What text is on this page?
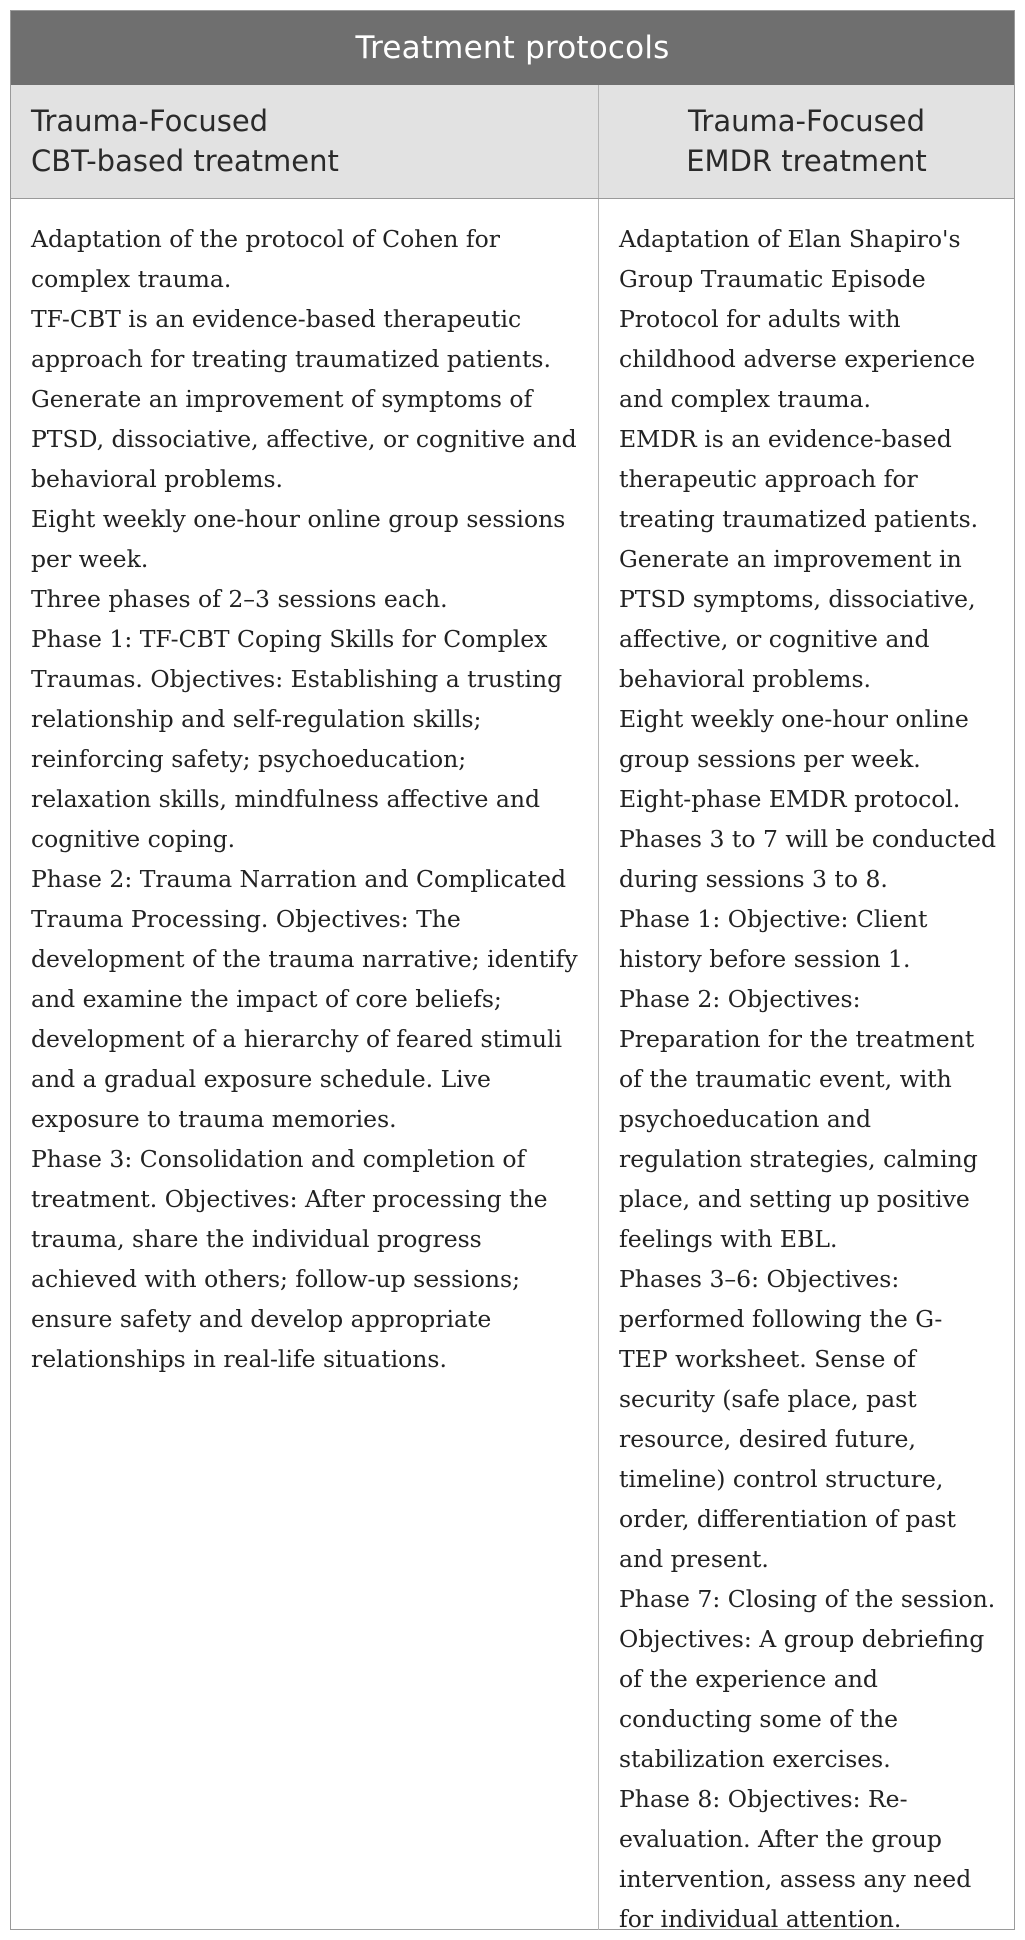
Treatment protocols
Trauma-Focused
CBT-based treatment
Trauma-Focused
EMDR treatment
Adaptation of the protocol of Cohen for
complex trauma.
TF-CBT is an evidence-based therapeutic
approach for treating traumatized patients.
Generate an improvement of symptoms of
PTSD, dissociative, affective, or cognitive and
behavioral problems.
Eight weekly one-hour online group sessions
per week.
Three phases of 2–3 sessions each.
Phase 1: TF-CBT Coping Skills for Complex
Traumas. Objectives: Establishing a trusting
relationship and self-regulation skills;
reinforcing safety; psychoeducation;
relaxation skills, mindfulness affective and
cognitive coping.
Phase 2: Trauma Narration and Complicated
Trauma Processing. Objectives: The
development of the trauma narrative; identify
and examine the impact of core beliefs;
development of a hierarchy of feared stimuli
and a gradual exposure schedule. Live
exposure to trauma memories.
Phase 3: Consolidation and completion of
treatment. Objectives: After processing the
trauma, share the individual progress
achieved with others; follow-up sessions;
ensure safety and develop appropriate
relationships in real-life situations.
Adaptation of Elan Shapiro's
Group Traumatic Episode
Protocol for adults with
childhood adverse experience
and complex trauma.
EMDR is an evidence-based
therapeutic approach for
treating traumatized patients.
Generate an improvement in
PTSD symptoms, dissociative,
affective, or cognitive and
behavioral problems.
Eight weekly one-hour online
group sessions per week.
Eight-phase EMDR protocol.
Phases 3 to 7 will be conducted
during sessions 3 to 8.
Phase 1: Objective: Client
history before session 1.
Phase 2: Objectives:
Preparation for the treatment
of the traumatic event, with
psychoeducation and
regulation strategies, calming
place, and setting up positive
feelings with EBL.
Phases 3–6: Objectives:
performed following the G-
TEP worksheet. Sense of
security (safe place, past
resource, desired future,
timeline) control structure,
order, differentiation of past
and present.
Phase 7: Closing of the session.
Objectives: A group debriefing
of the experience and
conducting some of the
stabilization exercises.
Phase 8: Objectives: Re-
evaluation. After the group
intervention, assess any need
for individual attention.
